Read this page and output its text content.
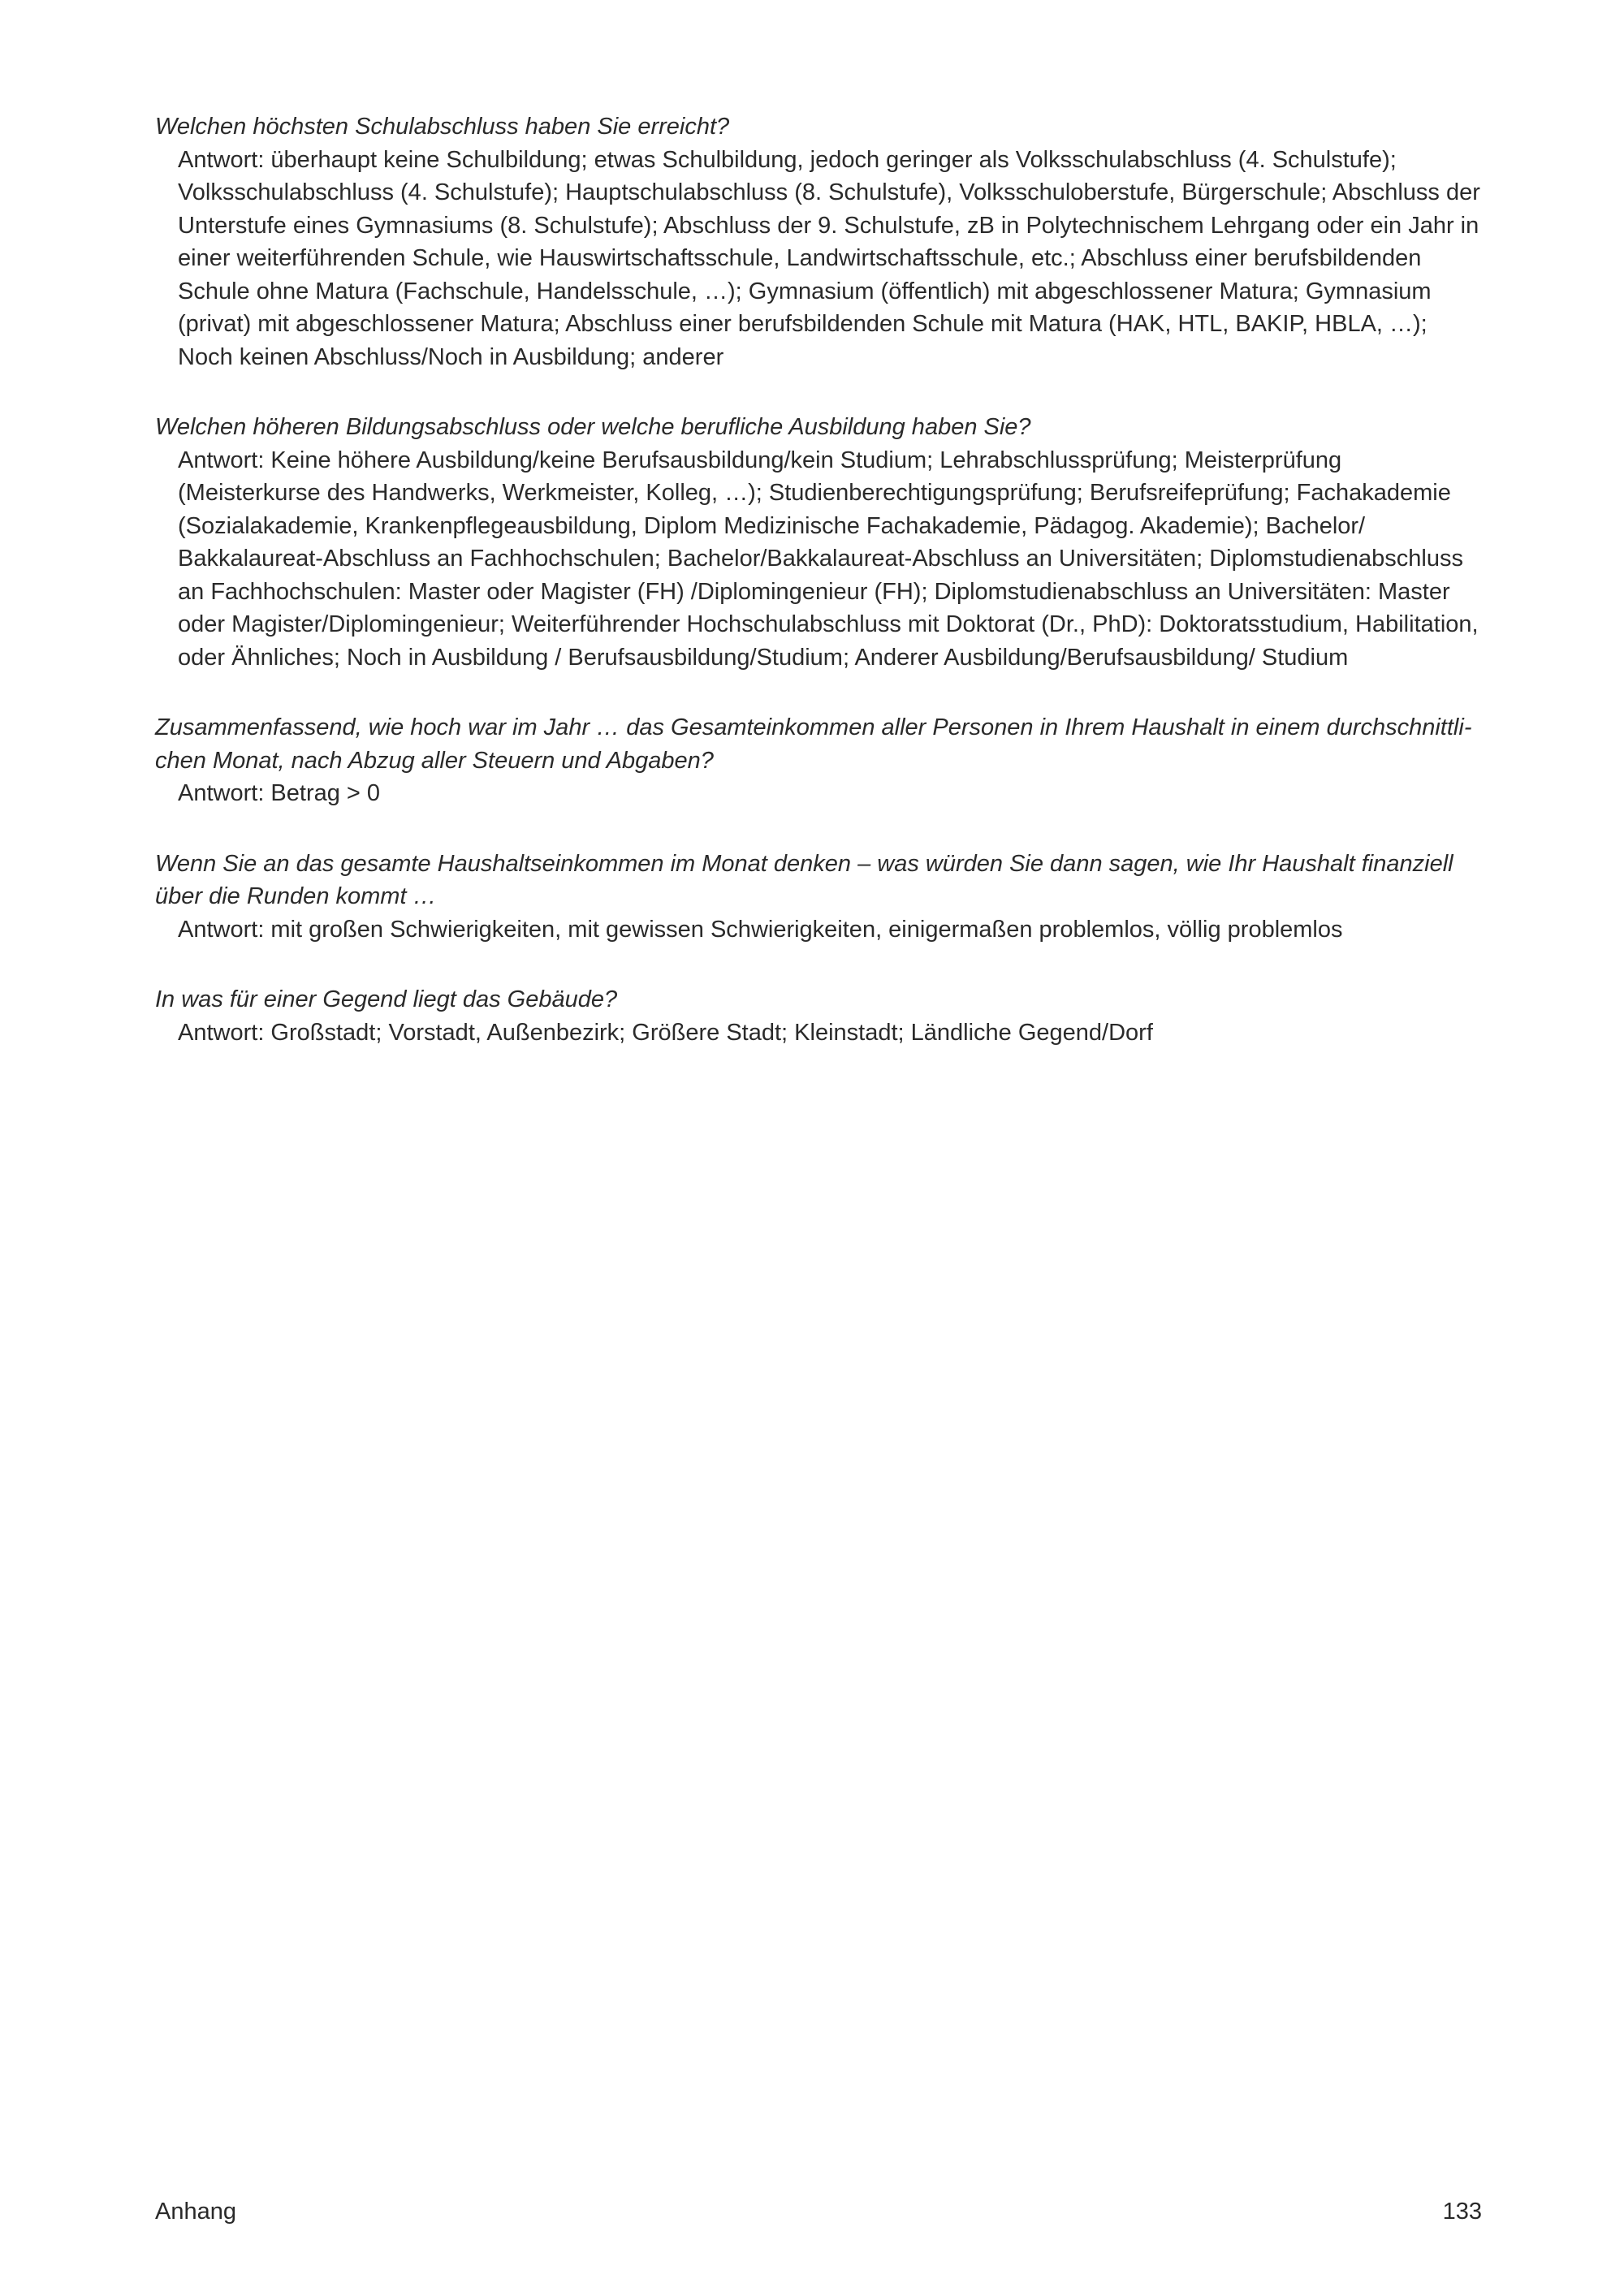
Welchen höchsten Schulabschluss haben Sie erreicht?

Antwort: überhaupt keine Schulbildung; etwas Schulbildung, jedoch geringer als Volksschulabschluss (4. Schulstufe); Volksschulabschluss (4. Schulstufe); Hauptschulabschluss (8. Schulstufe), Volksschuloberstufe, Bürgerschule; Abschluss der Unterstufe eines Gymnasiums (8. Schulstufe); Abschluss der 9. Schulstufe, zB in Polytechnischem Lehrgang oder ein Jahr in einer weiterführenden Schule, wie Hauswirtschaftsschule, Landwirtschaftsschule, etc.; Abschluss einer berufsbildenden Schule ohne Matura (Fachschule, Handelsschule, …); Gymnasium (öffentlich) mit abgeschlossener Matura; Gymnasium (privat) mit abgeschlossener Matura; Abschluss einer berufsbildenden Schule mit Matura (HAK, HTL, BAKIP, HBLA, …); Noch keinen Abschluss/Noch in Ausbildung; anderer

Welchen höheren Bildungsabschluss oder welche berufliche Ausbildung haben Sie?

Antwort: Keine höhere Ausbildung/keine Berufsausbildung/kein Studium; Lehrabschlussprüfung; Meisterprüfung (Meisterkurse des Handwerks, Werkmeister, Kolleg, …); Studienberechtigungsprüfung; Berufsreifeprüfung; Fachakademie (Sozialakademie, Krankenpflegeausbildung, Diplom Medizinische Fachakademie, Pädagog. Akademie); Bachelor/ Bakkalaureat-Abschluss an Fachhochschulen; Bachelor/Bakkalaureat-Abschluss an Universitäten; Diplomstudienabschluss an Fachhochschulen: Master oder Magister (FH) /Diplomingenieur (FH); Diplomstudienabschluss an Universitäten: Master oder Magister/Diplomingenieur; Weiterführender Hochschulabschluss mit Doktorat (Dr., PhD): Doktoratsstudium, Habilitation, oder Ähnliches; Noch in Ausbildung / Berufsausbildung/Studium; Anderer Ausbildung/Berufsausbildung/ Studium

Zusammenfassend, wie hoch war im Jahr … das Gesamteinkommen aller Personen in Ihrem Haushalt in einem durchschnittlichen Monat, nach Abzug aller Steuern und Abgaben?

Antwort: Betrag > 0

Wenn Sie an das gesamte Haushaltseinkommen im Monat denken – was würden Sie dann sagen, wie Ihr Haushalt finanziell über die Runden kommt …

Antwort: mit großen Schwierigkeiten, mit gewissen Schwierigkeiten, einigermaßen problemlos, völlig problemlos

In was für einer Gegend liegt das Gebäude?

Antwort: Großstadt; Vorstadt, Außenbezirk; Größere Stadt; Kleinstadt; Ländliche Gegend/Dorf

Anhang	133
